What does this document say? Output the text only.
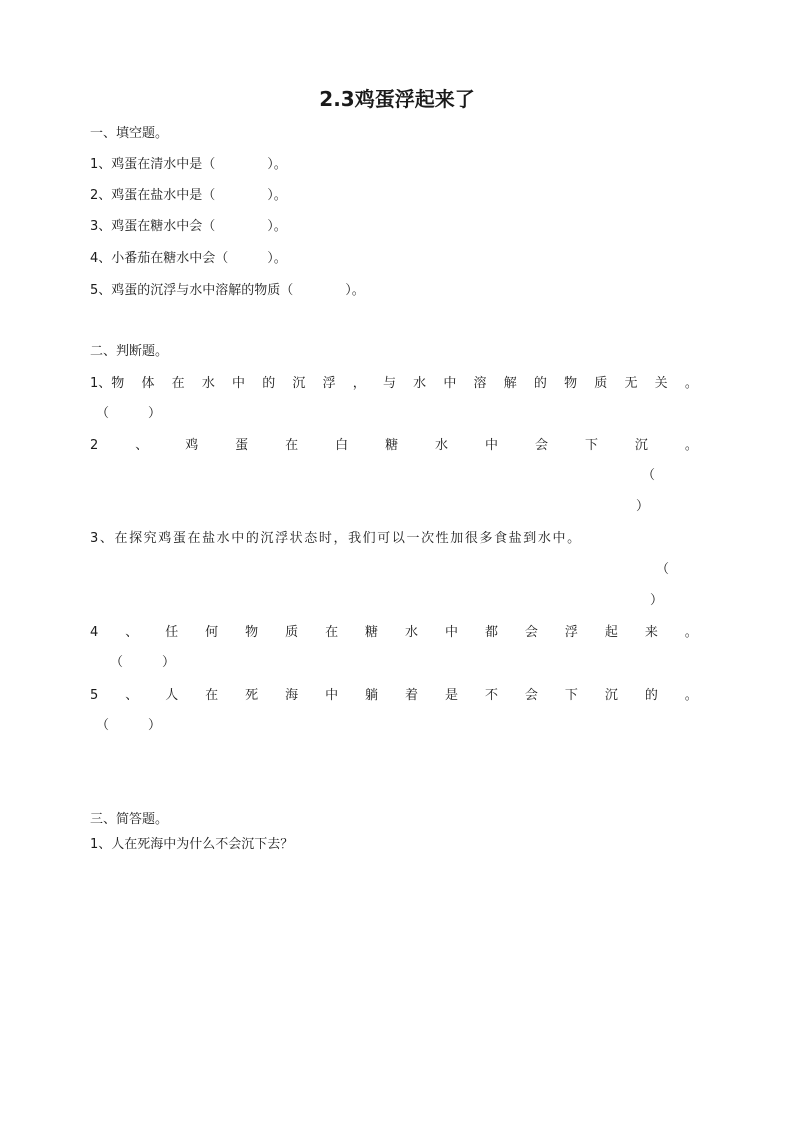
2.3鸡蛋浮起来了
一、填空题。
1、鸡蛋在清水中是（　　　　）。
2、鸡蛋在盐水中是（　　　　）。
3、鸡蛋在糖水中会（　　　　）。
4、小番茄在糖水中会（　　　）。
5、鸡蛋的沉浮与水中溶解的物质（　　　　）。
二、判断题。
1、物 体 在 水 中 的 沉 浮 ， 与 水 中 溶 解 的 物 质 无 关 。
（　　　）
2	、	鸡	蛋	在	白	糖	水	中	会	下	沉	。
（
）
3、在探究鸡蛋在盐水中的沉浮状态时，我们可以一次性加很多食盐到水中。
（
）
4 、 任 何 物 质 在 糖 水 中 都 会 浮 起 来 。
（　　　）
5 、 人 在 死 海 中 躺 着 是 不 会 下 沉 的 。
（　　　）
三、简答题。
1、人在死海中为什么不会沉下去？
